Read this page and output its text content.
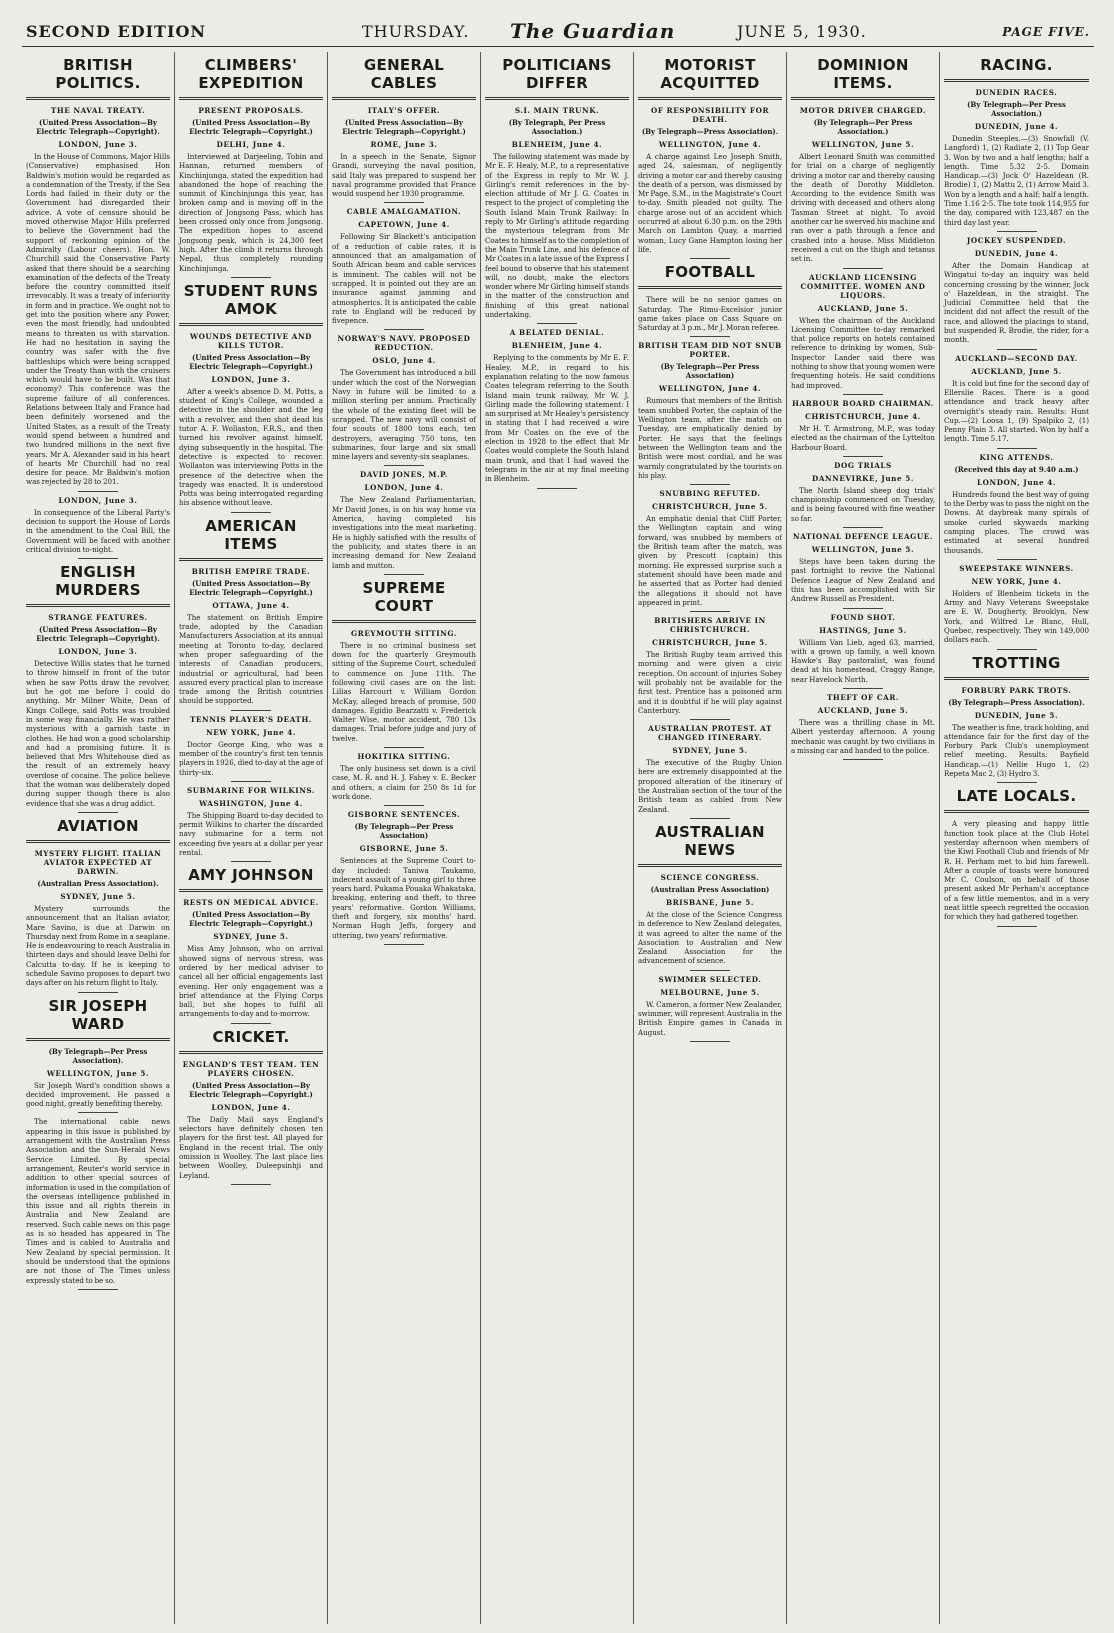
SECOND EDITION	THURSDAY. The Guardian	JUNE 5, 1930.	PAGE FIVE.
BRITISH POLITICS.
THE NAVAL TREATY.
(United Press Association—By Electric Telegraph—Copyright).
LONDON, June 3.

In the House of Commons, Major Hills (Conservative) emphasised Hon Baldwin's motion would be regarded as a condemnation of the Treaty, if the Sea Lords had failed in their duty or the Government had disregarded their advice. A vote of censure should be moved otherwise Major Hills preferred to believe the Government had the support of reckoning opinion of the Admiralty (Labour cheers). Hon. W. Churchill said the Conservative Party asked that there should be a searching examination of the defects of the Treaty before the country committed itself irrevocably. It was a treaty of inferiority in form and in practice. We ought not to get into the position where any Power, even the most friendly, had undoubted means to threaten us with starvation. He had no hesitation in saying the country was safer with the five battleships which were being scrapped under the Treaty than with the cruisers which would have to be built. Was that economy? This conference was the supreme failure of all conferences. Relations between Italy and France had been definitely worsened and the United States, as a result of the Treaty would spend between a hundred and two hundred millions in the next five years. Mr A. Alexander said in his heart of hearts Mr Churchill had no real desire for peace. Mr Baldwin's motion was rejected by 28 to 201.

LONDON, June 3.

In consequence of the Liberal Party's decision to support the House of Lords in the amendment to the Coal Bill, the Government will be faced with another critical division to-night.

ENGLISH MURDERS
STRANGE FEATURES.
(United Press Association—By Electric Telegraph—Copyright).
LONDON, June 3.

Detective Willis states that he turned to throw himself in front of the tutor when he saw Potts draw the revolver, but he got me before I could do anything. Mr Milner White, Dean of Kings College, said Potts was troubled in some way financially. He was rather mysterious with a garnish taste in clothes. He had won a good scholarship and had a promising future. It is believed that Mrs Whitehouse died as the result of an extremely heavy overdose of cocaine. The police believe that the woman was deliberately doped during supper though there is also evidence that she was a drug addict.

AVIATION
MYSTERY FLIGHT. ITALIAN AVIATOR EXPECTED AT DARWIN.
(Australian Press Association).
SYDNEY, June 5.

Mystery surrounds the announcement that an Italian aviator, Mare Savino, is due at Darwin on Thursday next from Rome in a seaplane. He is endeavouring to reach Australia in thirteen days and should leave Delhi for Calcutta to-day. If he is keeping to schedule Savino proposes to depart two days after on his return flight to Italy.

SIR JOSEPH WARD
(By Telegraph—Per Press Association).
WELLINGTON, June 5.

Sir Joseph Ward's condition shows a decided improvement. He passed a good night, greatly benefiting thereby.

The international cable news appearing in this issue is published by arrangement with the Australian Press Association and the Sun-Herald News Service Limited. By special arrangement, Reuter's world service in addition to other special sources of information is used in the compilation of the overseas intelligence published in this issue and all rights therein in Australia and New Zealand are reserved. Such cable news on this page as is so headed has appeared in The Times and is cabled to Australia and New Zealand by special permission. It should be understood that the opinions are not those of The Times unless expressly stated to be so.

CLIMBERS' EXPEDITION
PRESENT PROPOSALS.
(United Press Association—By Electric Telegraph—Copyright.)
DELHI, June 4.

Interviewed at Darjeeling, Tobin and Hannan, returned members of Kinchinjunga, stated the expedition had abandoned the hope of reaching the summit of Kinchinjunga this year, has broken camp and is moving off in the direction of Jongsong Pass, which has been crossed only once from Jongsong. The expedition hopes to ascend Jongsong peak, which is 24,300 feet high. After the climb it returns through Nepal, thus completely rounding Kinchinjunga.

STUDENT RUNS AMOK
WOUNDS DETECTIVE AND KILLS TUTOR.
(United Press Association—By Electric Telegraph—Copyright.)
LONDON, June 3.

After a week's absence D. M. Potts, a student of King's College, wounded a detective in the shoulder and the leg with a revolver, and then shot dead his tutor A. F. Wollaston, F.R.S., and then turned his revolver against himself, dying subsequently in the hospital. The detective is expected to recover. Wollaston was interviewing Potts in the presence of the detective when the tragedy was enacted. It is understood Potts was being interrogated regarding his absence without leave.

AMERICAN ITEMS
BRITISH EMPIRE TRADE.
(United Press Association—By Electric Telegraph—Copyright.)
OTTAWA, June 4.

The statement on British Empire trade, adopted by the Canadian Manufacturers Association at its annual meeting at Toronto to-day, declared when proper safeguarding of the interests of Canadian producers, industrial or agricultural, had been assured every practical plan to increase trade among the British countries should be supported.

TENNIS PLAYER'S DEATH.
NEW YORK, June 4.

Doctor George King, who was a member of the country's first ten tennis players in 1926, died to-day at the age of thirty-six.

SUBMARINE FOR WILKINS.
WASHINGTON, June 4.

The Shipping Board to-day decided to permit Wilkins to charter the discarded navy submarine for a term not exceeding five years at a dollar per year rental.

AMY JOHNSON
RESTS ON MEDICAL ADVICE.
(United Press Association—By Electric Telegraph—Copyright.)
SYDNEY, June 5.

Miss Amy Johnson, who on arrival showed signs of nervous stress, was ordered by her medical adviser to cancel all her official engagements last evening. Her only engagement was a brief attendance at the Flying Corps ball, but she hopes to fulfil all arrangements to-day and to-morrow.

CRICKET.
ENGLAND'S TEST TEAM. TEN PLAYERS CHOSEN.
(United Press Association—By Electric Telegraph—Copyright.)
LONDON, June 4.

The Daily Mail says England's selectors have definitely chosen ten players for the first test. All played for England in the recent trial. The only omission is Woolley. The last place lies between Woolley, Duleepsinhji and Leyland.

GENERAL CABLES
ITALY'S OFFER.
(United Press Association—By Electric Telegraph—Copyright.)
ROME, June 3.

In a speech in the Senate, Signor Grandi, surveying the naval position, said Italy was prepared to suspend her naval programme provided that France would suspend her 1930 programme.

CABLE AMALGAMATION.
CAPETOWN, June 4.

Following Sir Blackett's anticipation of a reduction of cable rates, it is announced that an amalgamation of South African beam and cable services is imminent. The cables will not be scrapped. It is pointed out they are an insurance against jamming and atmospherics. It is anticipated the cable rate to England will be reduced by fivepence.

NORWAY'S NAVY. PROPOSED REDUCTION.
OSLO, June 4.

The Government has introduced a bill under which the cost of the Norwegian Navy in future will be limited to a million sterling per annum. Practically the whole of the existing fleet will be scrapped. The new navy will consist of four scouts of 1800 tons each, ten destroyers, averaging 750 tons, ten submarines, four large and six small mine layers and seventy-six seaplanes.

DAVID JONES, M.P.
LONDON, June 4.

The New Zealand Parliamentarian, Mr David Jones, is on his way home via America, having completed his investigations into the meat marketing. He is highly satisfied with the results of the publicity, and states there is an increasing demand for New Zealand lamb and mutton.

SUPREME COURT
GREYMOUTH SITTING.

There is no criminal business set down for the quarterly Greymouth sitting of the Supreme Court, scheduled to commence on June 11th. The following civil cases are on the list: Lilias Harcourt v. William Gordon McKay, alleged breach of promise, 500 damages. Egidio Bearzatti v. Frederick Walter Wise, motor accident, 780 13s damages. Trial before judge and jury of twelve.

HOKITIKA SITTING.

The only business set down is a civil case, M. R. and H. J. Fahey v. E. Becker and others, a claim for 250 8s 1d for work done.

GISBORNE SENTENCES.
(By Telegraph—Per Press Association)
GISBORNE, June 5.

Sentences at the Supreme Court to-day included: Taniwa Taukamo, indecent assault of a young girl to three years hard. Pukama Pouaka Whakataka, breaking, entering and theft, to three years' reformative. Gordon Williams, theft and forgery, six months' hard. Norman Hugh Jeffs, forgery and uttering, two years' reformative.

POLITICIANS DIFFER
S.I. MAIN TRUNK.
(By Telegraph, Per Press Association.)
BLENHEIM, June 4.

The following statement was made by Mr E. F. Healy, M.P., to a representative of the Express in reply to Mr W. J. Girling's remit references in the by-election attitude of Mr J. G. Coates in respect to the project of completing the South Island Main Trunk Railway: In reply to Mr Girling's attitude regarding the mysterious telegram from Mr Coates to himself as to the completion of the Main Trunk Line, and his defence of Mr Coates in a late issue of the Express I feel bound to observe that his statement will, no doubt, make the electors wonder where Mr Girling himself stands in the matter of the construction and finishing of this great national undertaking.

A BELATED DENIAL.
BLENHEIM, June 4.

Replying to the comments by Mr E. F. Healey, M.P., in regard to his explanation relating to the now famous Coates telegram referring to the South Island main trunk railway, Mr W. J. Girling made the following statement: I am surprised at Mr Healey's persistency in stating that I had received a wire from Mr Coates on the eve of the election in 1928 to the effect that Mr Coates would complete the South Island main trunk, and that I had waved the telegram in the air at my final meeting in Blenheim.

MOTORIST ACQUITTED
OF RESPONSIBILITY FOR DEATH.
(By Telegraph—Press Association).
WELLINGTON, June 4.

A charge against Leo Joseph Smith, aged 24, salesman, of negligently driving a motor car and thereby causing the death of a person, was dismissed by Mr Page, S.M., in the Magistrate's Court to-day. Smith pleaded not guilty. The charge arose out of an accident which occurred at about 6.30 p.m. on the 29th March on Lambton Quay, a married woman, Lucy Gane Hampton losing her life.

FOOTBALL

There will be no senior games on Saturday. The Rimu-Excelsior junior game takes place on Cass Square on Saturday at 3 p.m., Mr J. Moran referee.

BRITISH TEAM DID NOT SNUB PORTER.
(By Telegraph—Per Press Association)
WELLINGTON, June 4.

Rumours that members of the British team snubbed Porter, the captain of the Wellington team, after the match on Tuesday, are emphatically denied by Porter. He says that the feelings between the Wellington team and the British were most cordial, and he was warmly congratulated by the tourists on his play.

SNUBBING REFUTED.
CHRISTCHURCH, June 5.

An emphatic denial that Cliff Porter, the Wellington captain and wing forward, was snubbed by members of the British team after the match, was given by Prescott (captain) this morning. He expressed surprise such a statement should have been made and he asserted that as Porter had denied the allegations it should not have appeared in print.

BRITISHERS ARRIVE IN CHRISTCHURCH.
CHRISTCHURCH, June 5.

The British Rugby team arrived this morning and were given a civic reception. On account of injuries Sobey will probably not be available for the first test. Prentice has a poisoned arm and it is doubtful if he will play against Canterbury.

AUSTRALIAN PROTEST. AT CHANGED ITINERARY.
SYDNEY, June 5.

The executive of the Rugby Union here are extremely disappointed at the proposed alteration of the itinerary of the Australian section of the tour of the British team as cabled from New Zealand.

AUSTRALIAN NEWS
SCIENCE CONGRESS.
(Australian Press Association)
BRISBANE, June 5.

At the close of the Science Congress in deference to New Zealand delegates, it was agreed to alter the name of the Association to Australian and New Zealand Association for the advancement of science.

SWIMMER SELECTED.
MELBOURNE, June 5.

W. Cameron, a former New Zealander, swimmer, will represent Australia in the British Empire games in Canada in August.

DOMINION ITEMS.
MOTOR DRIVER CHARGED.
(By Telegraph—Per Press Association.)
WELLINGTON, June 5.

Albert Leonard Smith was committed for trial on a charge of negligently driving a motor car and thereby causing the death of Dorothy Middleton. According to the evidence Smith was driving with deceased and others along Tasman Street at night. To avoid another car he swerved his machine and ran over a path through a fence and crashed into a house. Miss Middleton received a cut on the thigh and tetanus set in.

AUCKLAND LICENSING COMMITTEE. WOMEN AND LIQUORS.
AUCKLAND, June 5.

When the chairman of the Auckland Licensing Committee to-day remarked that police reports on hotels contained reference to drinking by women, Sub-Inspector Lander said there was nothing to show that young women were frequenting hotels. He said conditions had improved.

HARBOUR BOARD CHAIRMAN.
CHRISTCHURCH, June 4.

Mr H. T. Armstrong, M.P., was today elected as the chairman of the Lyttelton Harbour Board.

DOG TRIALS
DANNEVIRKE, June 5.

The North Island sheep dog trials' championship commenced on Tuesday, and is being favoured with fine weather so far.

NATIONAL DEFENCE LEAGUE.
WELLINGTON, June 5.

Steps have been taken during the past fortnight to revive the National Defence League of New Zealand and this has been accomplished with Sir Andrew Russell as President.

FOUND SHOT.
HASTINGS, June 5.

William Van Lieb, aged 63, married, with a grown up family, a well known Hawke's Bay pastoralist, was found dead at his homestead, Craggy Range, near Havelock North.

THEFT OF CAR.
AUCKLAND, June 5.

There was a thrilling chase in Mt. Albert yesterday afternoon. A young mechanic was caught by two civilians in a missing car and handed to the police.

RACING.
DUNEDIN RACES.
(By Telegraph—Per Press Association.)
DUNEDIN, June 4.

Dunedin Steeples.—(3) Snowfall (V. Langford) 1, (2) Radiate 2, (1) Top Gear 3. Won by two and a half lengths; half a length. Time 5.32 2-5. Domain Handicap.—(3) Jock O' Hazeldean (R. Brodie) 1, (2) Mattu 2, (1) Arrow Maid 3. Won by a length and a half; half a length. Time 1.16 2-5. The tote took 114,955 for the day, compared with 123,487 on the third day last year.

JOCKEY SUSPENDED.
DUNEDIN, June 4.

After the Domain Handicap at Wingatui to-day an inquiry was held concerning crossing by the winner, Jock o' Hazeldean, in the straight. The Judicial Committee held that the incident did not affect the result of the race, and allowed the placings to stand, but suspended R. Brodie, the rider, for a month.

AUCKLAND—SECOND DAY.
AUCKLAND, June 5.

It is cold but fine for the second day of Ellerslie Races. There is a good attendance and track heavy after overnight's steady rain. Results: Hunt Cup.—(2) Loosa 1, (9) Spalpiko 2, (1) Penny Plain 3. All started. Won by half a length. Time 5.17.

KING ATTENDS.
(Received this day at 9.40 a.m.)
LONDON, June 4.

Hundreds found the best way of going to the Derby was to pass the night on the Downs. At daybreak many spirals of smoke curled skywards marking camping places. The crowd was estimated at several hundred thousands.

SWEEPSTAKE WINNERS.
NEW YORK, June 4.

Holders of Blenheim tickets in the Army and Navy Veterans Sweepstake are E. W. Dougherty, Brooklyn, New York, and Wilfred Le Blanc, Hull, Quebec, respectively. They win 149,000 dollars each.

TROTTING
FORBURY PARK TROTS.
(By Telegraph—Press Association).
DUNEDIN, June 5.

The weather is fine, track holding, and attendance fair for the first day of the Forbury Park Club's unemployment relief meeting. Results: Bayfield Handicap.—(1) Nellie Hugo 1, (2) Repeta Mac 2, (3) Hydro 3.

LATE LOCALS.

A very pleasing and happy little function took place at the Club Hotel yesterday afternoon when members of the Kiwi Football Club and friends of Mr R. H. Perham met to bid him farewell. After a couple of toasts were honoured Mr C. Coulson, on behalf of those present asked Mr Perham's acceptance of a few little mementos, and in a very neat little speech regretted the occasion for which they had gathered together.
